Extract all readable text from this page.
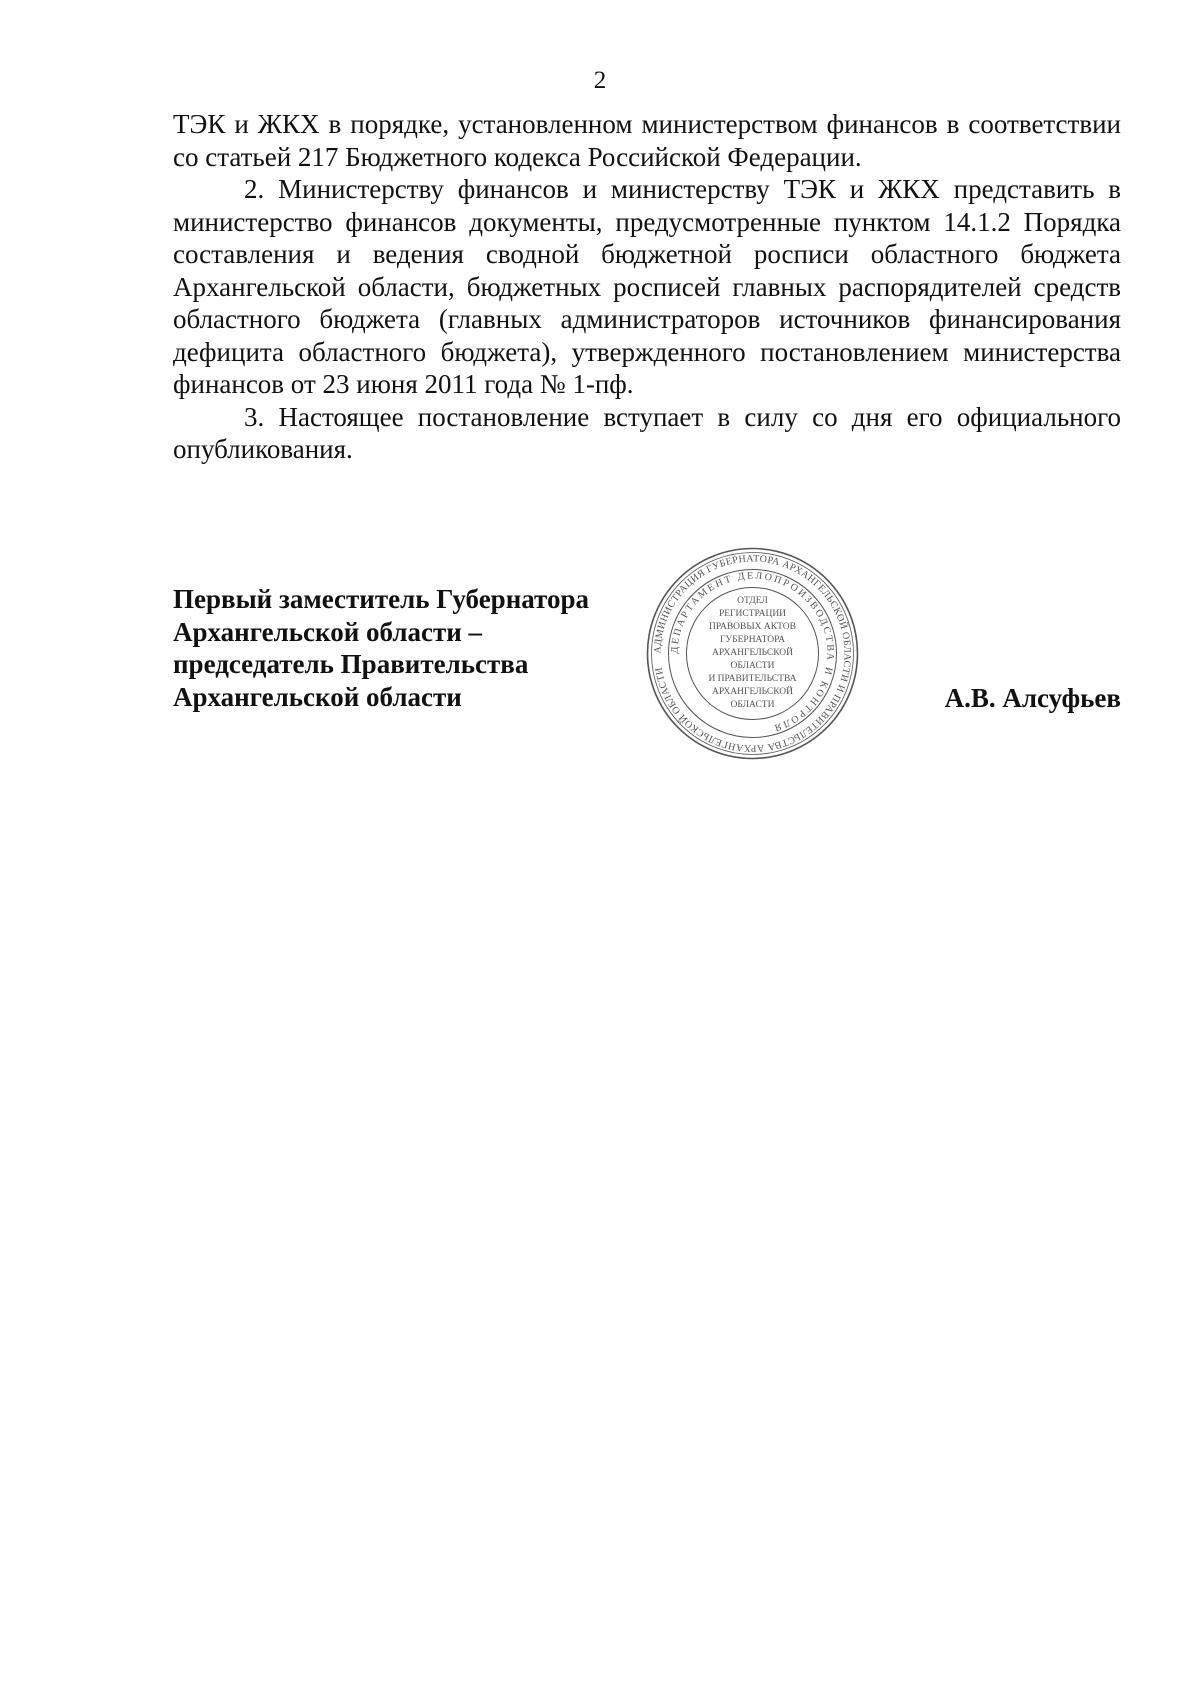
2

ТЭК и ЖКХ в порядке, установленном министерством финансов в соответствии со статьей 217 Бюджетного кодекса Российской Федерации.

2. Министерству финансов и министерству ТЭК и ЖКХ представить в министерство финансов документы, предусмотренные пунктом 14.1.2 Порядка составления и ведения сводной бюджетной росписи областного бюджета Архангельской области, бюджетных росписей главных распорядителей средств областного бюджета (главных администраторов источников финансирования дефицита областного бюджета), утвержденного постановлением министерства финансов от 23 июня 2011 года № 1-пф.

3. Настоящее постановление вступает в силу со дня его официального опубликования.

Первый заместитель Губернатора
Архангельской области –
председатель Правительства
Архангельской области	А.В. Алсуфьев
АДМИНИСТРАЦИЯ ГУБЕРНАТОРА АРХАНГЕЛЬСКОЙ ОБЛАСТИ И ПРАВИТЕЛЬСТВА АРХАНГЕЛЬСКОЙ ОБЛАСТИ
ДЕПАРТАМЕНТ ДЕЛОПРОИЗВОДСТВА И КОНТРОЛЯ
ОТДЕЛ
РЕГИСТРАЦИИ
ПРАВОВЫХ АКТОВ
ГУБЕРНАТОРА
АРХАНГЕЛЬСКОЙ
ОБЛАСТИ
И ПРАВИТЕЛЬСТВА
АРХАНГЕЛЬСКОЙ
ОБЛАСТИ
